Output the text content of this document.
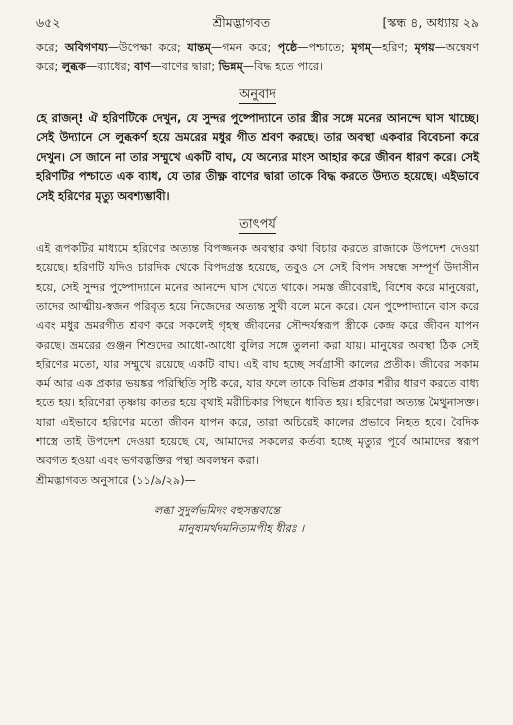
৬৫২	শ্রীমদ্ভাগবত	[স্কন্ধ ৪, অধ্যায় ২৯

করে; অবিগণয্য—উপেক্ষা করে; যান্তম্—গমন করে; পৃষ্ঠে—পশ্চাতে; মৃগম্—হরিণ; মৃগয়—অন্বেষণ করে; লুব্ধক—ব্যাধের; বাণ—বাণের দ্বারা; ভিন্নম্—বিদ্ধ হতে পারে।

অনুবাদ

হে রাজন্! ঐ হরিণটিকে দেখুন, যে সুন্দর পুষ্পোদ্যানে তার স্ত্রীর সঙ্গে মনের আনন্দে ঘাস খাচ্ছে। সেই উদ্যানে সে লুব্ধকর্ণ হয়ে ভ্রমরের মধুর গীত শ্রবণ করছে। তার অবস্থা একবার বিবেচনা করে দেখুন। সে জানে না তার সম্মুখে একটি বাঘ, যে অন্যের মাংস আহার করে জীবন ধারণ করে। সেই হরিণটির পশ্চাতে এক ব্যাধ, যে তার তীক্ষ্ণ বাণের দ্বারা তাকে বিদ্ধ করতে উদ্যত হয়েছে। এইভাবে সেই হরিণের মৃত্যু অবশ্যম্ভাবী।

তাৎপর্য

এই রূপকটির মাধ্যমে হরিণের অত্যন্ত বিপজ্জনক অবস্থার কথা বিচার করতে রাজাকে উপদেশ দেওয়া হয়েছে। হরিণটি যদিও চারদিক থেকে বিপদগ্রস্ত হয়েছে, তবুও সে সেই বিপদ সম্বন্ধে সম্পূর্ণ উদাসীন হয়ে, সেই সুন্দর পুষ্পোদ্যানে মনের আনন্দে ঘাস খেতে থাকে। সমস্ত জীবেরাই, বিশেষ করে মানুষেরা, তাদের আত্মীয়-স্বজন পরিবৃত হয়ে নিজেদের অত্যন্ত সুখী বলে মনে করে। যেন পুষ্পোদ্যানে বাস করে এবং মধুর ভ্রমরগীত শ্রবণ করে সকলেই গৃহস্থ জীবনের সৌন্দর্যস্বরূপ স্ত্রীকে কেন্দ্র করে জীবন যাপন করছে। ভ্রমরের গুঞ্জন শিশুদের আধো-আধো বুলির সঙ্গে তুলনা করা যায়। মানুষের অবস্থা ঠিক সেই হরিণের মতো, যার সম্মুখে রয়েছে একটি বাঘ। এই বাঘ হচ্ছে সর্বগ্রাসী কালের প্রতীক। জীবের সকাম কর্ম আর এক প্রকার ভয়ঙ্কর পরিস্থিতি সৃষ্টি করে, যার ফলে তাকে বিভিন্ন প্রকার শরীর ধারণ করতে বাধ্য হতে হয়। হরিণেরা তৃষ্ণায় কাতর হয়ে বৃথাই মরীচিকার পিছনে ধাবিত হয়। হরিণেরা অত্যন্ত মৈথুনাসক্ত। যারা এইভাবে হরিণের মতো জীবন যাপন করে, তারা অচিরেই কালের প্রভাবে নিহত হবে। বৈদিক শাস্ত্রে তাই উপদেশ দেওয়া হয়েছে যে, আমাদের সকলের কর্তব্য হচ্ছে মৃত্যুর পূর্বে আমাদের স্বরূপ অবগত হওয়া এবং ভগবদ্ভক্তির পন্থা অবলম্বন করা।

শ্রীমদ্ভাগবত অনুসারে (১১/৯/২৯)—

লব্ধা সুদুর্লভমিদং বহুসম্ভবান্তে
মানুষ্যমর্থদমনিত্যমপীহ ধীরঃ ।
